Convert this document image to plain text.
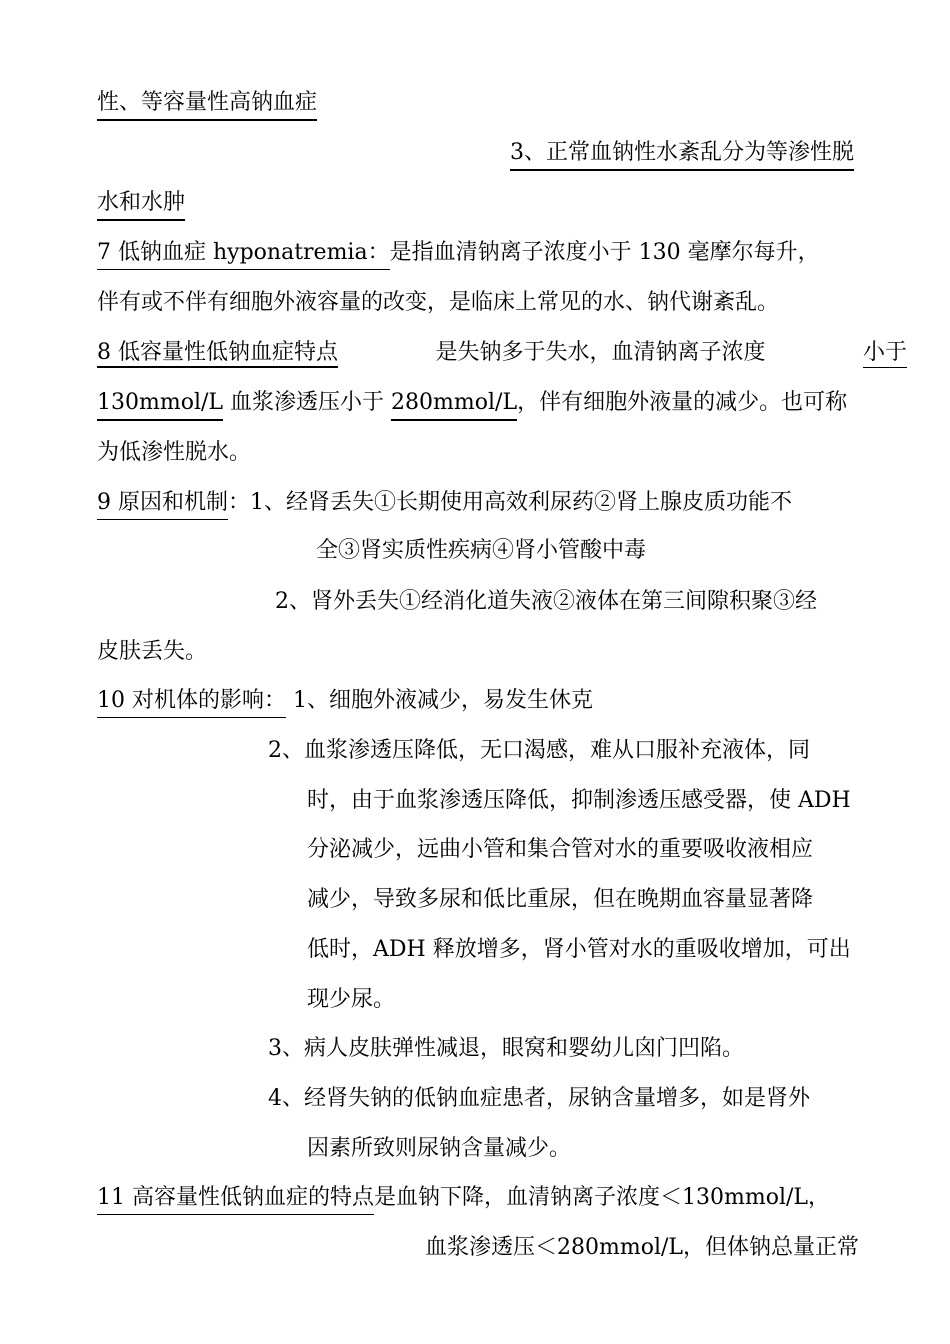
性、等容量性高钠血症
3、正常血钠性水紊乱分为等渗性脱
水和水肿
7 低钠血症 hyponatremia：是指血清钠离子浓度小于 130 毫摩尔每升，
伴有或不伴有细胞外液容量的改变，是临床上常见的水、钠代谢紊乱。
8 低容量性低钠血症特点	是失钠多于失水，血清钠离子浓度	小于
130mmol/L 血浆渗透压小于 280mmol/L，伴有细胞外液量的减少。也可称
为低渗性脱水。
9 原因和机制：1、经肾丢失①长期使用高效利尿药②肾上腺皮质功能不
全③肾实质性疾病④肾小管酸中毒
2、肾外丢失①经消化道失液②液体在第三间隙积聚③经
皮肤丢失。
10 对机体的影响： 1、细胞外液减少，易发生休克
2、血浆渗透压降低，无口渴感，难从口服补充液体，同
时，由于血浆渗透压降低，抑制渗透压感受器，使 ADH
分泌减少，远曲小管和集合管对水的重要吸收液相应
减少，导致多尿和低比重尿，但在晚期血容量显著降
低时，ADH 释放增多，肾小管对水的重吸收增加，可出
现少尿。
3、病人皮肤弹性减退，眼窝和婴幼儿囟门凹陷。
4、经肾失钠的低钠血症患者，尿钠含量增多，如是肾外
因素所致则尿钠含量减少。
11 高容量性低钠血症的特点是血钠下降，血清钠离子浓度＜130mmol/L，
血浆渗透压＜280mmol/L，但体钠总量正常
